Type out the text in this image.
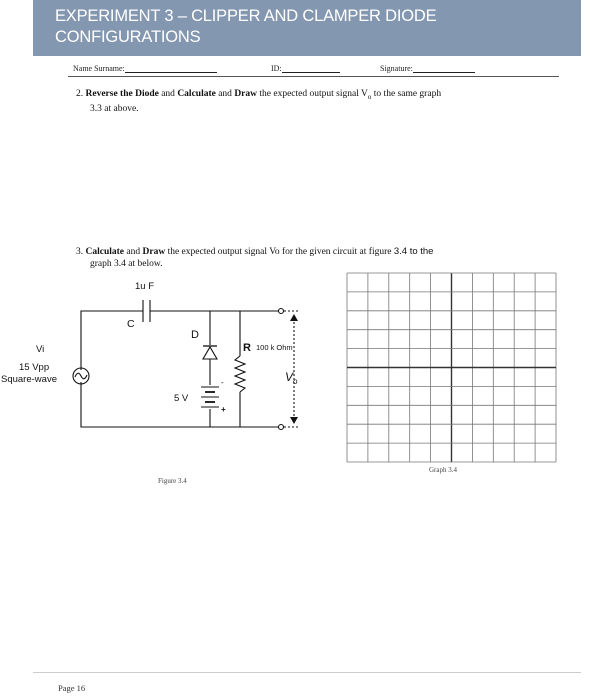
EXPERIMENT 3 – CLIPPER AND CLAMPER DIODE
CONFIGURATIONS
Name Surname:	ID:	Signature:
2. Reverse the Diode and Calculate and Draw the expected output signal $V_o$ to the same graph
3.3 at above.
3. Calculate and Draw the expected output signal Vo for the given circuit at figure 3.4 to the
graph 3.4 at below.
1u F
C
D
5 V
+
-
R 100 k Ohm
$V_o$
Vi
15 Vpp
Square-wave
Figure 3.4
Graph 3.4
Page 16
